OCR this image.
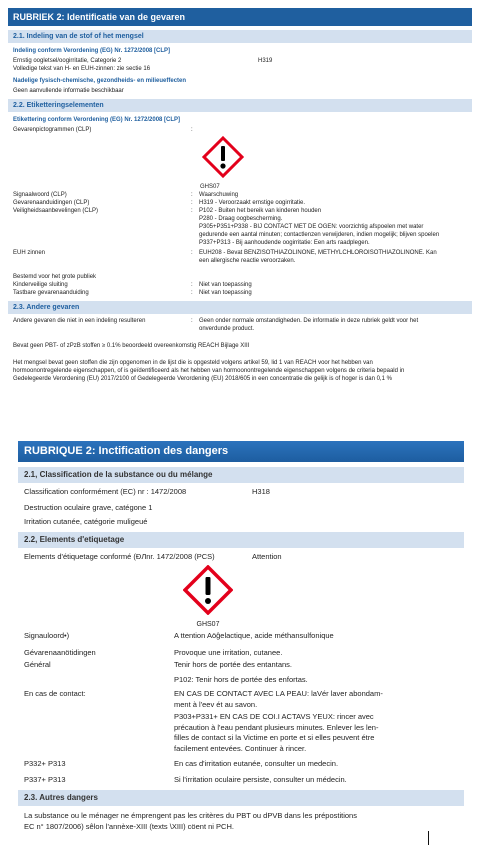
RUBRIEK 2: Identificatie van de gevaren
2.1. Indeling van de stof of het mengsel
Indeling conform Verordening (EG) Nr. 1272/2008 [CLP]
Ernstig oogletsel/oogirritatie, Categorie 2	H319
Volledige tekst van H- en EUH-zinnen: zie sectie 16
Nadelige fysisch-chemische, gezondheids- en milieueffecten
Geen aanvullende informatie beschikbaar
2.2. Etiketteringselementen
Etikettering conform Verordening (EG) Nr. 1272/2008 [CLP]
Gevarenpictogrammen (CLP)	:
GHS07
Signaalwoord (CLP)	:	Waarschuwing
Gevarenaanduidingen (CLP)	:	H319 - Veroorzaakt ernstige oogirritatie.
Veiligheidsaanbevelingen (CLP)	:	P102 - Buiten het bereik van kinderen houden
P280 - Draag oogbescherming.
P305+P351+P338 - BIJ CONTACT MET DE OGEN: voorzichtig afspoelen met water
gedurende een aantal minuten; contactlenzen verwijderen, indien mogelijk; blijven spoelen
P337+P313 - Bij aanhoudende oogirritatie: Een arts raadplegen.
EUH zinnen	:	EUH208 - Bevat BENZISOTHIAZOLINONE, METHYLCHLOROISOTHIAZOLINONE. Kan
een allergische reactie veroorzaken.
Bestemd voor het grote publiek
Kinderveilige sluiting	:	Niet van toepassing
Tastbare gevarenaanduiding	:	Niet van toepassing
2.3. Andere gevaren
Andere gevaren die niet in een indeling resulteren	:	Geen onder normale omstandigheden. De informatie in deze rubriek geldt voor het
onverdunde product.
Bevat geen PBT- of zPzB stoffen ≥ 0.1% beoordeeld overeenkomstig REACH Bijlage XIII
Het mengsel bevat geen stoffen die zijn opgenomen in de lijst die is opgesteld volgens artikel 59, lid 1 van REACH voor het hebben van
hormoonontregelende eigenschappen, of is geïdentificeerd als het hebben van hormoonontregelende eigenschappen volgens de criteria bepaald in
Gedelegeerde Verordening (EU) 2017/2100 of Gedelegeerde Verordening (EU) 2018/605 in een concentratie die gelijk is of hoger is dan 0,1 %
RUBRIQUE 2: Inctification des dangers
2.1, Classification de la substance ou du mélange
Classification conformément (EC) nr : 1472/2008	H318
Destruction oculaire grave, catégone 1
Irritation cutanée, catégorie muligeué
2.2, Elements d'etiquetage
Elements d'étiquetage conformé (ÐЛnr. 1472/2008 (PCS)	Attention
GHS07
Signauloord•)	A ttention Aöĝelactique, acide méthansulfonique
Gévarenaanötidingen	Provoque une irritation, cutanee.
Général	Tenir hors de portée des entantans.
P102: Tenir hors de portée des enfortas.
En cas de contact:	EN CAS DE CONTACT AVEC LA PEAU: laVér laver abondam-
ment à l'eev ét au savon.
P303+P331+ EN CAS DE COI.I ACTAVS YEUX: rincer avec
précaution à l'eau pendant plusieurs minutes. Enlever les len-
filles de contact si la Victime en porte et si elles peuvent étre
facilement entevées. Continuer à rincer.
P332+ P313	En cas d'irritation eutanée, consulter un medecin.
P337+ P313	Si l'irritation oculaire persiste, consulter un médecin.
2.3. Autres dangers
La substance ou le ménager ne émprengent pas les critères du PBT ou dPVB dans les prépostitions
EC n° 1807/2006) sêlon l'annèxe-XIII (texts \XIII) cöent ni PCH.
